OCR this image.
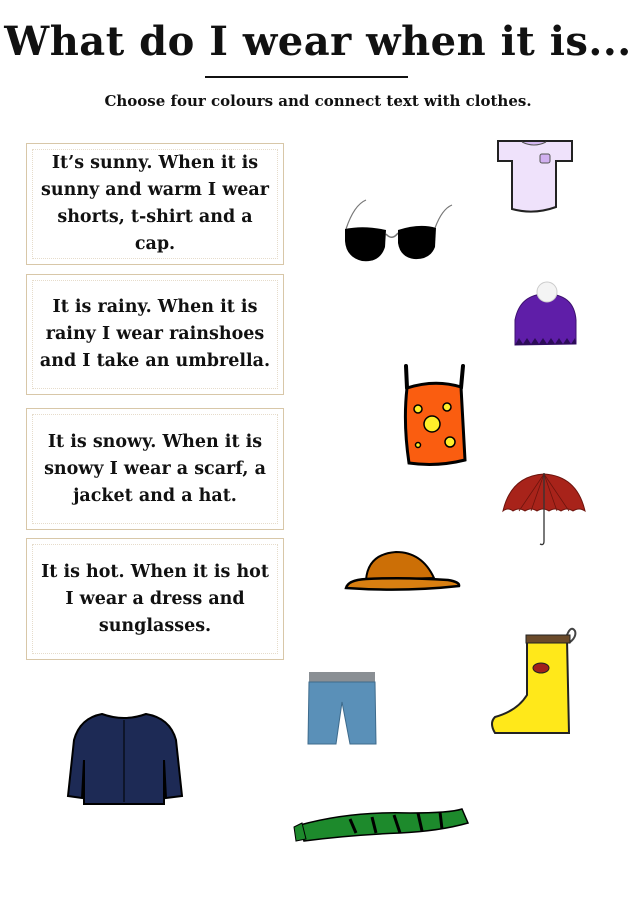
What do I wear when it is...
Choose four colours and connect text with clothes.
It’s sunny. When it is sunny and warm I wear shorts, t-shirt and a cap.
It is rainy. When it is rainy I wear rainshoes and I take an umbrella.
It is snowy. When it is snowy I wear a scarf, a jacket and a hat.
It is hot. When it is hot I wear a dress and sunglasses.
